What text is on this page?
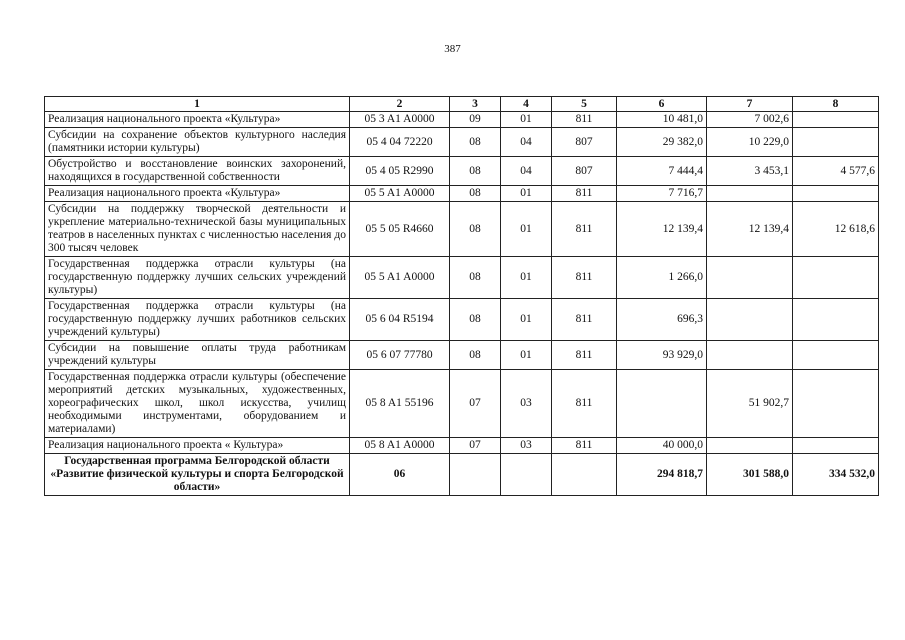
387
1	2	3	4	5	6	7	8
Реализация национального проекта «Культура»	05 3 A1 A0000	09	01	811	10 481,0	7 002,6	
Субсидии на сохранение объектов культурного наследия (памятники истории культуры)	05 4 04 72220	08	04	807	29 382,0	10 229,0	
Обустройство и восстановление воинских захоронений, находящихся в государственной собственности	05 4 05 R2990	08	04	807	7 444,4	3 453,1	4 577,6
Реализация национального проекта «Культура»	05 5 A1 A0000	08	01	811	7 716,7		
Субсидии на поддержку творческой деятельности и укрепление материально-технической базы муниципальных театров в населенных пунктах с численностью населения до 300 тысяч человек	05 5 05 R4660	08	01	811	12 139,4	12 139,4	12 618,6
Государственная поддержка отрасли культуры (на государственную поддержку лучших сельских учреждений культуры)	05 5 A1 A0000	08	01	811	1 266,0		
Государственная поддержка отрасли культуры (на государственную поддержку лучших работников сельских учреждений культуры)	05 6 04 R5194	08	01	811	696,3		
Субсидии на повышение оплаты труда работникам учреждений культуры	05 6 07 77780	08	01	811	93 929,0		
Государственная поддержка отрасли культуры (обеспечение мероприятий детских музыкальных, художественных, хореографических школ, школ искусства, училищ необходимыми инструментами, оборудованием и материалами)	05 8 A1 55196	07	03	811		51 902,7	
Реализация национального проекта « Культура»	05 8 A1 A0000	07	03	811	40 000,0		
Государственная программа Белгородской области «Развитие физической культуры и спорта Белгородской области»	06				294 818,7	301 588,0	334 532,0
